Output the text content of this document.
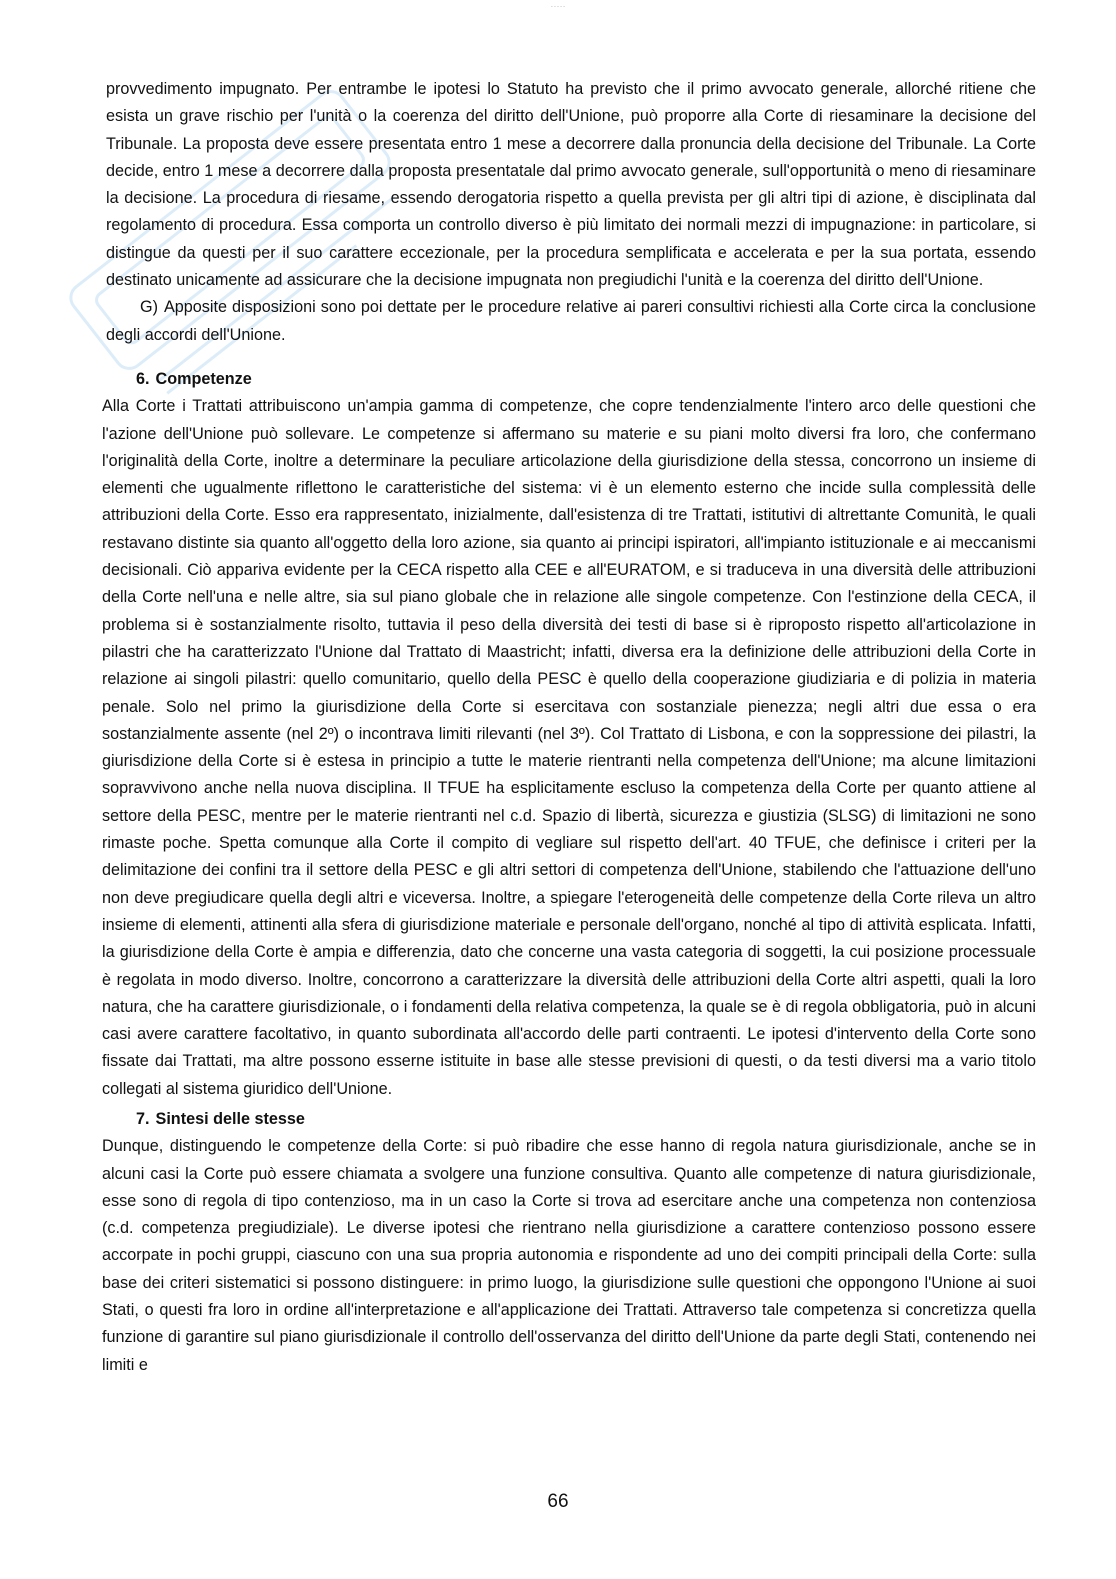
- - - - -

provvedimento impugnato. Per entrambe le ipotesi lo Statuto ha previsto che il primo avvocato generale, allorché ritiene che esista un grave rischio per l'unità o la coerenza del diritto dell'Unione, può proporre alla Corte di riesaminare la decisione del Tribunale. La proposta deve essere presentata entro 1 mese a decorrere dalla pronuncia della decisione del Tribunale. La Corte decide, entro 1 mese a decorrere dalla proposta presentatale dal primo avvocato generale, sull'opportunità o meno di riesaminare la decisione. La procedura di riesame, essendo derogatoria rispetto a quella prevista per gli altri tipi di azione, è disciplinata dal regolamento di procedura. Essa comporta un controllo diverso è più limitato dei normali mezzi di impugnazione: in particolare, si distingue da questi per il suo carattere eccezionale, per la procedura semplificata e accelerata e per la sua portata, essendo destinato unicamente ad assicurare che la decisione impugnata non pregiudichi l'unità e la coerenza del diritto dell'Unione.

G) Apposite disposizioni sono poi dettate per le procedure relative ai pareri consultivi richiesti alla Corte circa la conclusione degli accordi dell'Unione.

6. Competenze

Alla Corte i Trattati attribuiscono un'ampia gamma di competenze, che copre tendenzialmente l'intero arco delle questioni che l'azione dell'Unione può sollevare. Le competenze si affermano su materie e su piani molto diversi fra loro, che confermano l'originalità della Corte, inoltre a determinare la peculiare articolazione della giurisdizione della stessa, concorrono un insieme di elementi che ugualmente riflettono le caratteristiche del sistema: vi è un elemento esterno che incide sulla complessità delle attribuzioni della Corte. Esso era rappresentato, inizialmente, dall'esistenza di tre Trattati, istitutivi di altrettante Comunità, le quali restavano distinte sia quanto all'oggetto della loro azione, sia quanto ai principi ispiratori, all'impianto istituzionale e ai meccanismi decisionali. Ciò appariva evidente per la CECA rispetto alla CEE e all'EURATOM, e si traduceva in una diversità delle attribuzioni della Corte nell'una e nelle altre, sia sul piano globale che in relazione alle singole competenze. Con l'estinzione della CECA, il problema si è sostanzialmente risolto, tuttavia il peso della diversità dei testi di base si è riproposto rispetto all'articolazione in pilastri che ha caratterizzato l'Unione dal Trattato di Maastricht; infatti, diversa era la definizione delle attribuzioni della Corte in relazione ai singoli pilastri: quello comunitario, quello della PESC è quello della cooperazione giudiziaria e di polizia in materia penale. Solo nel primo la giurisdizione della Corte si esercitava con sostanziale pienezza; negli altri due essa o era sostanzialmente assente (nel 2º) o incontrava limiti rilevanti (nel 3º). Col Trattato di Lisbona, e con la soppressione dei pilastri, la giurisdizione della Corte si è estesa in principio a tutte le materie rientranti nella competenza dell'Unione; ma alcune limitazioni sopravvivono anche nella nuova disciplina. Il TFUE ha esplicitamente escluso la competenza della Corte per quanto attiene al settore della PESC, mentre per le materie rientranti nel c.d. Spazio di libertà, sicurezza e giustizia (SLSG) di limitazioni ne sono rimaste poche. Spetta comunque alla Corte il compito di vegliare sul rispetto dell'art. 40 TFUE, che definisce i criteri per la delimitazione dei confini tra il settore della PESC e gli altri settori di competenza dell'Unione, stabilendo che l'attuazione dell'uno non deve pregiudicare quella degli altri e viceversa. Inoltre, a spiegare l'eterogeneità delle competenze della Corte rileva un altro insieme di elementi, attinenti alla sfera di giurisdizione materiale e personale dell'organo, nonché al tipo di attività esplicata. Infatti, la giurisdizione della Corte è ampia e differenzia, dato che concerne una vasta categoria di soggetti, la cui posizione processuale è regolata in modo diverso. Inoltre, concorrono a caratterizzare la diversità delle attribuzioni della Corte altri aspetti, quali la loro natura, che ha carattere giurisdizionale, o i fondamenti della relativa competenza, la quale se è di regola obbligatoria, può in alcuni casi avere carattere facoltativo, in quanto subordinata all'accordo delle parti contraenti. Le ipotesi d'intervento della Corte sono fissate dai Trattati, ma altre possono esserne istituite in base alle stesse previsioni di questi, o da testi diversi ma a vario titolo collegati al sistema giuridico dell'Unione.

7. Sintesi delle stesse

Dunque, distinguendo le competenze della Corte: si può ribadire che esse hanno di regola natura giurisdizionale, anche se in alcuni casi la Corte può essere chiamata a svolgere una funzione consultiva. Quanto alle competenze di natura giurisdizionale, esse sono di regola di tipo contenzioso, ma in un caso la Corte si trova ad esercitare anche una competenza non contenziosa (c.d. competenza pregiudiziale). Le diverse ipotesi che rientrano nella giurisdizione a carattere contenzioso possono essere accorpate in pochi gruppi, ciascuno con una sua propria autonomia e rispondente ad uno dei compiti principali della Corte: sulla base dei criteri sistematici si possono distinguere: in primo luogo, la giurisdizione sulle questioni che oppongono l'Unione ai suoi Stati, o questi fra loro in ordine all'interpretazione e all'applicazione dei Trattati. Attraverso tale competenza si concretizza quella funzione di garantire sul piano giurisdizionale il controllo dell'osservanza del diritto dell'Unione da parte degli Stati, contenendo nei limiti e

66
